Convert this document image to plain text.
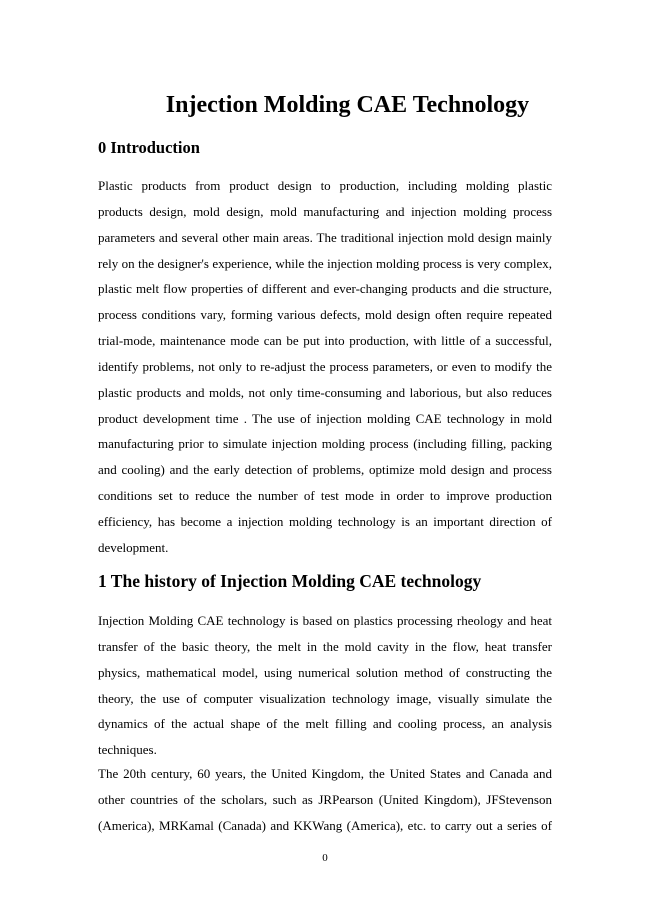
Injection Molding CAE Technology
0 Introduction
Plastic products from product design to production, including molding plastic
products design, mold design, mold manufacturing and injection molding process
parameters and several other main areas. The traditional injection mold design mainly
rely on the designer's experience, while the injection molding process is very complex,
plastic melt flow properties of different and ever-changing products and die structure,
process conditions vary, forming various defects, mold design often require repeated
trial-mode, maintenance mode can be put into production, with little of a successful,
identify problems, not only to re-adjust the process parameters, or even to modify the
plastic products and molds, not only time-consuming and laborious, but also reduces
product development time . The use of injection molding CAE technology in mold
manufacturing prior to simulate injection molding process (including filling, packing
and cooling) and the early detection of problems, optimize mold design and process
conditions set to reduce the number of test mode in order to improve production
efficiency, has become a injection molding technology is an important direction of
development.
1 The history of Injection Molding CAE technology
Injection Molding CAE technology is based on plastics processing rheology and heat
transfer of the basic theory, the melt in the mold cavity in the flow, heat transfer
physics, mathematical model, using numerical solution method of constructing the
theory, the use of computer visualization technology image, visually simulate the
dynamics of the actual shape of the melt filling and cooling process, an analysis
techniques.
The 20th century, 60 years, the United Kingdom, the United States and Canada and
other countries of the scholars, such as JRPearson (United Kingdom), JFStevenson
(America), MRKamal (Canada) and KKWang (America), etc. to carry out a series of
0
